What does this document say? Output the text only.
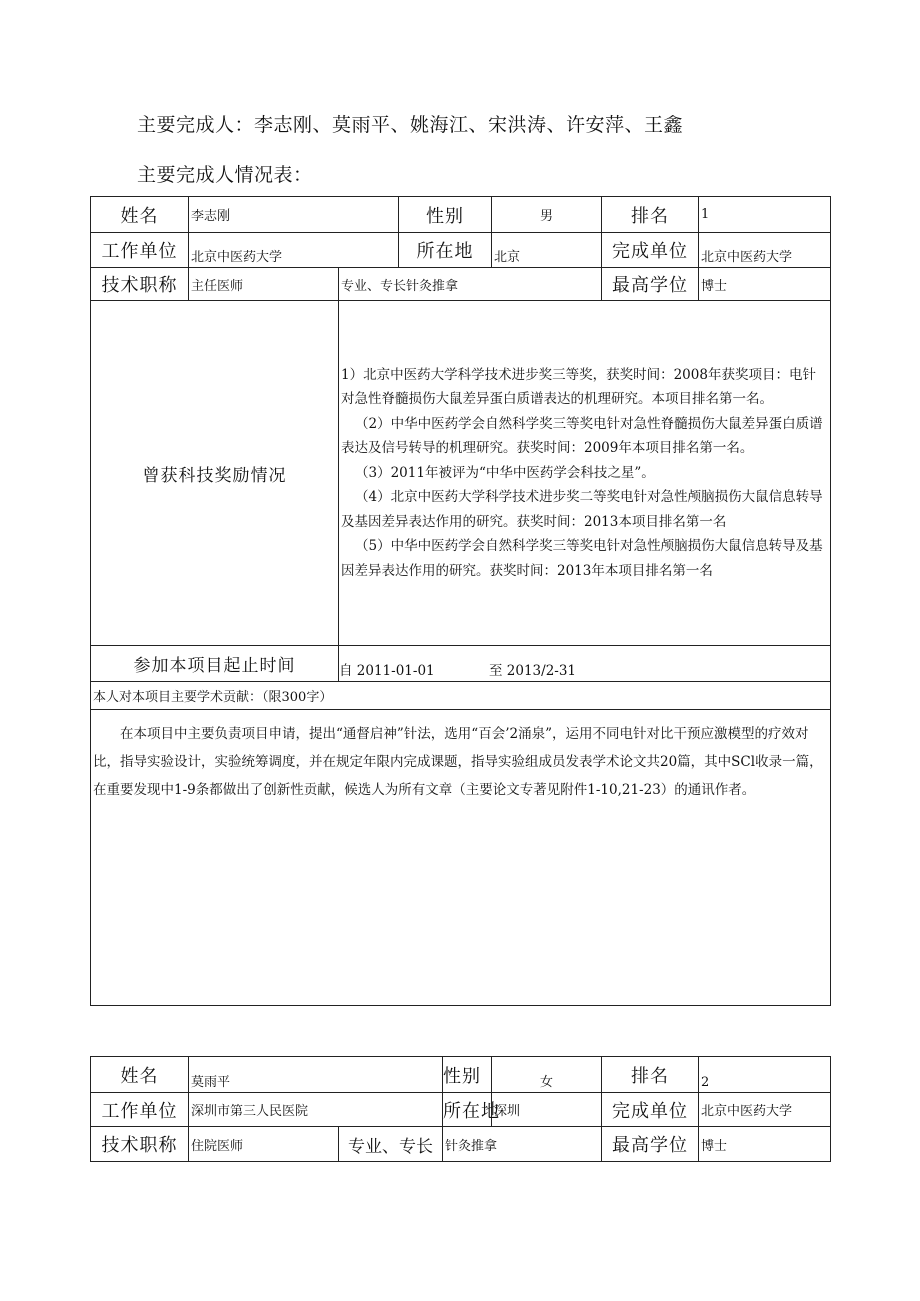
主要完成人：李志刚、莫雨平、姚海江、宋洪涛、许安萍、王鑫
主要完成人情况表：
姓名	李志刚		性别	男	排名	1
工作单位	北京中医药大学		所在地	北京	完成单位	北京中医药大学
技术职称	主任医师	专业、专长针灸推拿			最高学位	博士
曾获科技奖励情况		1）北京中医药大学科学技术进步奖三等奖，获奖时间：2008年获奖项目：电针对急性脊髓损伤大鼠差异蛋白质谱表达的机理研究。本项目排名第一名。

（2）中华中医药学会自然科学奖三等奖电针对急性脊髓损伤大鼠差异蛋白质谱表达及信号转导的机理研究。获奖时间：2009年本项目排名第一名。

（3）2011年被评为“中华中医药学会科技之星”。

（4）北京中医药大学科学技术进步奖二等奖电针对急性颅脑损伤大鼠信息转导及基因差异表达作用的研究。获奖时间：2013本项目排名第一名

（5）中华中医药学会自然科学奖三等奖电针对急性颅脑损伤大鼠信息转导及基因差异表达作用的研究。获奖时间：2013年本项目排名第一名				

参加本项目起止时间		自 2011-01-01 至 2013/2-31				
本人对本项目主要学术贡献：（限300字）						
在本项目中主要负责项目申请，提出“通督启神”针法，选用“百会’2涌泉”，运用不同电针对比干预应激模型的疗效对比，指导实验设计，实验统筹调度，并在规定年限内完成课题，指导实验组成员发表学术论文共20篇，其中SCl收录一篇，在重要发现中1-9条都做出了创新性贡献，候选人为所有文章（主要论文专著见附件1-10,21-23）的通讯作者。						
姓名	莫雨平		性别	女	排名	2
工作单位	深圳市第三人民医院		所在地	深圳	完成单位	北京中医药大学
技术职称	住院医师	专业、专长	针灸推拿		最高学位	博士
